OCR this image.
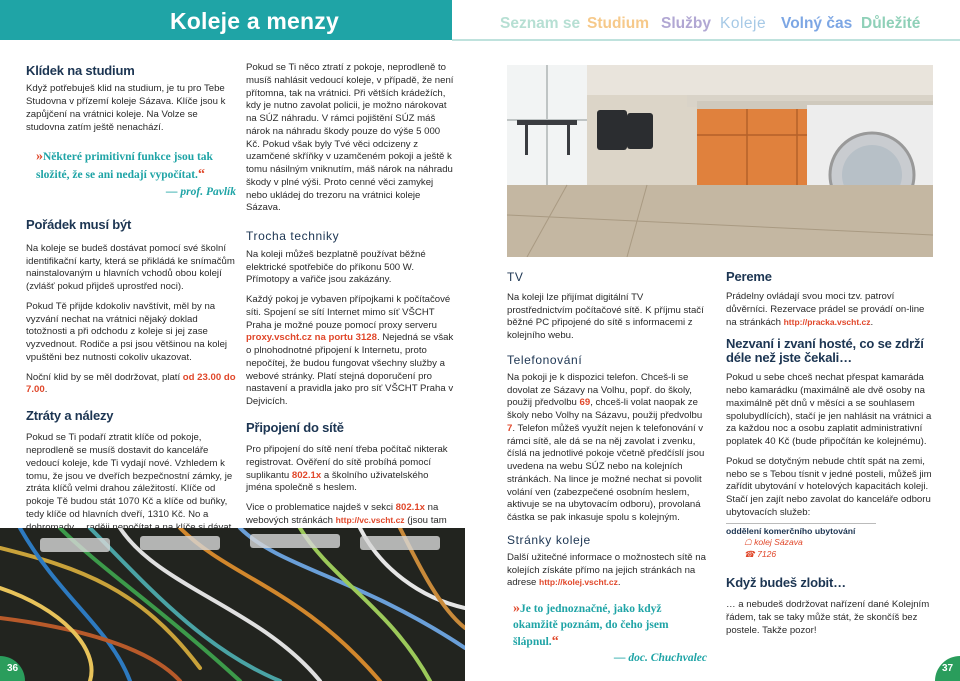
Koleje a menzy	Seznam se Studium Služby Koleje Volný čas Důležité
Klídek na studium

Když potřebuješ klid na studium, je tu pro Tebe Studovna v přízemí koleje Sázava. Klíče jsou k zapůjčení na vrátnici koleje. Na Volze se studovna zatím ještě nenachází.

»Některé primitivní funkce jsou tak složité, že se ani nedají vypočítat.“
— prof. Pavlík
Pořádek musí být

Na koleje se budeš dostávat pomocí své školní identifikační karty, která se přikládá ke snímačům nainstalovaným u hlavních vchodů obou kolejí (zvlášť pokud přijdeš uprostřed noci).

Pokud Tě přijde kdokoliv navštívit, měl by na vyzvání nechat na vrátnici nějaký doklad totožnosti a při odchodu z koleje si jej zase vyzvednout. Rodiče a psi jsou většinou na kolej vpuštěni bez nutnosti cokoliv ukazovat.

Noční klid by se měl dodržovat, platí od 23.00 do 7.00.

Ztráty a nálezy

Pokud se Ti podaří ztratit klíče od pokoje, neprodleně se musíš dostavit do kanceláře vedoucí koleje, kde Ti vydají nové. Vzhledem k tomu, že jsou ve dveřích bezpečnostní zámky, je ztráta klíčů velmi drahou záležitostí. Klíče od pokoje Tě budou stát 1070 Kč a klíče od buňky, tedy klíče od hlavních dveří, 1310 Kč. No a

Pokud se Ti něco ztratí z pokoje, neprodleně to musíš nahlásit vedoucí koleje, v případě, že není přítomna, tak na vrátnici. Při větších krádežích, kdy je nutno zavolat policii, je možno nárokovat na SÚZ náhradu. V rámci pojištění SÚZ máš nárok na náhradu škody pouze do výše 5 000 Kč. Pokud však byly Tvé věci odcizeny z uzamčené skříňky v uzamčeném pokoji a ještě k tomu násilným vniknutím, máš nárok na náhradu škody v plné výši. Proto cenné věci zamykej nebo ukládej do trezoru na vrátnici koleje Sázava.

Trocha techniky

Na koleji můžeš bezplatně používat běžné elektrické spotřebiče do příkonu 500 W. Přímotopy a vařiče jsou zakázány.

Každý pokoj je vybaven přípojkami k počítačové síti. Spojení se sítí Internet mimo síť VŠCHT Praha je možné pouze pomocí proxy serveru proxy.vscht.cz na portu 3128. Nejedná se však o plnohodnotné připojení k Internetu, proto nepočítej, že budou fungovat všechny služby a webové stránky. Platí stejná doporučení pro nastavení a pravidla jako pro síť VŠCHT Praha v Dejvicích.

Připojení do sítě

Pro připojení do sítě není třeba počítač nikterak registrovat. Ověření do sítě probíhá pomocí suplikantu 802.1x a školního uživatelského jména společně s heslem.

Vice o problematice najdeš v sekci 802.1x na webových stránkách http://vc.vscht.cz (jsou tam

TV

Na koleji lze přijímat digitální TV prostřednictvím počítačové sítě. K příjmu stačí běžné PC připojené do sítě s informacemi z kolejního webu.

Telefonování

Na pokoji je k dispozici telefon. Chceš-li se dovolat ze Sázavy na Volhu, popř. do školy, použij předvolbu 69, chceš-li volat naopak ze školy nebo Volhy na Sázavu, použij předvolbu 7. Telefon můžeš využít nejen k telefonování v rámci sítě, ale dá se na něj zavolat i zvenku, číslá na jednotlivé pokoje včetně předčíslí jsou uvedena na webu SÚZ nebo na kolejních stránkách. Na lince je možné nechat si povolit volání ven (zabezpečené osobním heslem, aktivuje se na ubytovacím odboru), provolaná částka se pak inkasuje spolu s kolejným.

Stránky koleje

Další užitečné informace o možnostech sítě na kolejích získáte přímo na jejich stránkách na adrese http://kolej.vscht.cz.

»Je to jednoznačné, jako když okamžitě poznám, do čeho jsem šlápnul.“
— doc. Chuchvalec
Pereme

Prádelny ovládají svou moci tzv. patroví důvěrníci. Rezervace prádel se provádí on-line na stránkách http://pracka.vscht.cz.

Nezvaní i zvaní hosté, co se zdrží déle než jste čekali…

Pokud u sebe chceš nechat přespat kamaráda nebo kamarádku (maximálně ale dvě osoby na maximálně pět dnů v měsíci a se souhlasem spolubydlících), stačí je jen nahlásit na vrátnici a za každou noc a osobu zaplatit administrativní poplatek 40 Kč (bude připočítán ke kolejnému).

Pokud se dotyčným nebude chtít spát na zemi, nebo se s Tebou tísnit v jedné posteli, můžeš jim zařídit ubytování v hotelových kapacitách koleji. Stačí jen zajít nebo zavolat do kanceláře odboru ubytovacích služeb:

oddělení komerčního ubytování
☖ kolej Sázava
☎ 7126
Když budeš zlobit…

… a nebudeš dodržovat nařízení dané Kolejním řádem, tak se taky může stát, že skončíš bez postele. Takže pozor!

36	37
